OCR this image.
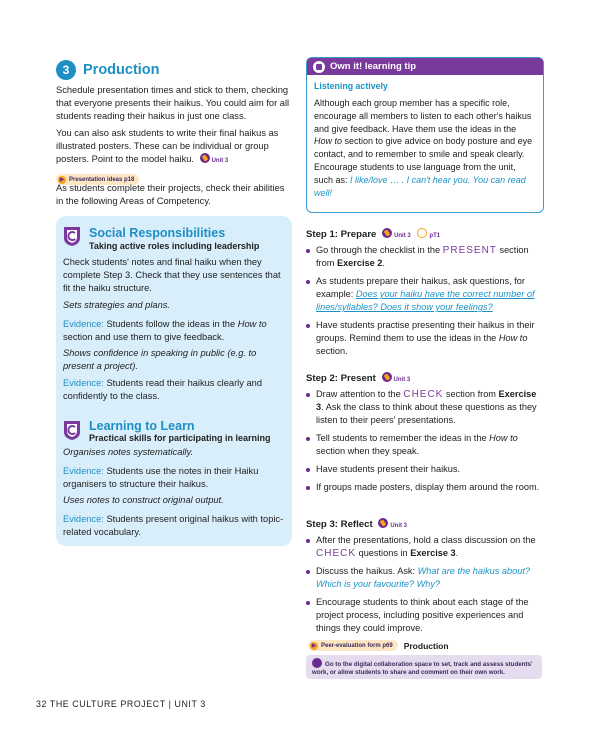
3 Production
Schedule presentation times and stick to them, checking that everyone presents their haikus. You could aim for all students reading their haikus in just one class.
You can also ask students to write their final haikus as illustrated posters. These can be individual or group posters. Point to the model haiku.	Unit 3
▶ Presentation ideas p18
As students complete their projects, check their abilities in the following Areas of Competency.
Social Responsibilities
Taking active roles including leadership
Check students' notes and final haiku when they complete Step 3. Check that they use sentences that fit the haiku structure.
Sets strategies and plans.
Evidence: Students follow the ideas in the How to section and use them to give feedback.
Shows confidence in speaking in public (e.g. to present a project).
Evidence: Students read their haikus clearly and confidently to the class.
Learning to Learn
Practical skills for participating in learning
Organises notes systematically.
Evidence: Students use the notes in their Haiku organisers to structure their haikus.
Uses notes to construct original output.
Evidence: Students present original haikus with topic-related vocabulary.
Own it! learning tip
Listening actively
Although each group member has a specific role, encourage all members to listen to each other's haikus and give feedback. Have them use the ideas in the How to section to give advice on body posture and eye contact, and to remember to smile and speak clearly. Encourage students to use language from the unit, such as: I like/love … . I can't hear you. You can read well!
Step 1: Prepare	Unit 3	pT1
Go through the checklist in the PRESENT section from Exercise 2.
As students prepare their haikus, ask questions, for example: Does your haiku have the correct number of lines/syllables? Does it show your feelings?
Have students practise presenting their haikus in their groups. Remind them to use the ideas in the How to section.
Step 2: Present	Unit 3
Draw attention to the CHECK section from Exercise 3. Ask the class to think about these questions as they listen to their peers' presentations.
Tell students to remember the ideas in the How to section when they speak.
Have students present their haikus.
If groups made posters, display them around the room.
Step 3: Reflect	Unit 3
After the presentations, hold a class discussion on the CHECK questions in Exercise 3.
Discuss the haikus. Ask: What are the haikus about? Which is your favourite? Why?
Encourage students to think about each stage of the project process, including positive experiences and things they could improve.
▶ Peer-evaluation form p69 Production
Go to the digital collaboration space to set, track and assess students' work, or allow students to share and comment on their own work.
32 THE CULTURE PROJECT | UNIT 3
